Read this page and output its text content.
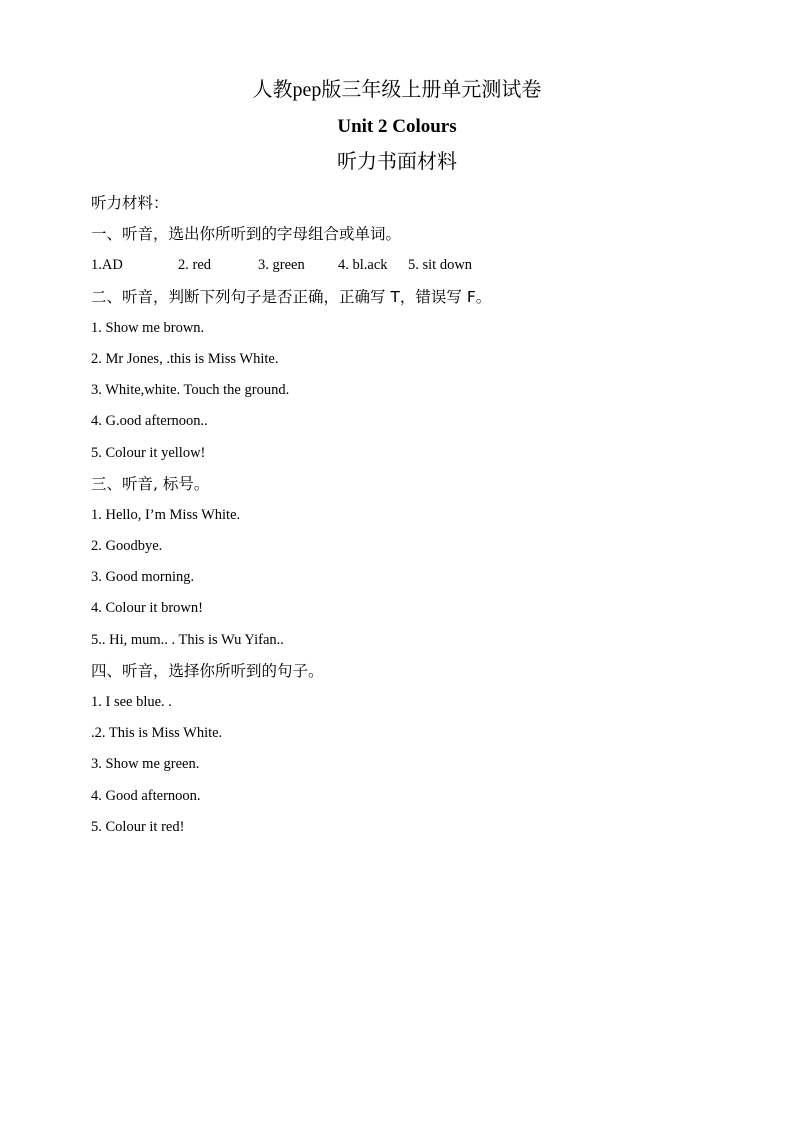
人教pep版三年级上册单元测试卷
Unit 2 Colours
听力书面材料
听力材料：
一、听音，选出你所听到的字母组合或单词。
1.AD	2. red	3. green 4. bl.ack 5. sit down
二、听音，判断下列句子是否正确，正确写 T，错误写 F。
1. Show me brown.
2. Mr Jones, .this is Miss White.
3. White,white. Touch the ground.
4. G.ood afternoon..
5. Colour it yellow!
三、听音, 标号。
1. Hello, I’m Miss White.
2. Goodbye.
3. Good morning.
4. Colour it brown!
5.. Hi, mum.. . This is Wu Yifan..
四、听音，选择你所听到的句子。
1. I see blue. .
.2. This is Miss White.
3. Show me green.
4. Good afternoon.
5. Colour it red!
